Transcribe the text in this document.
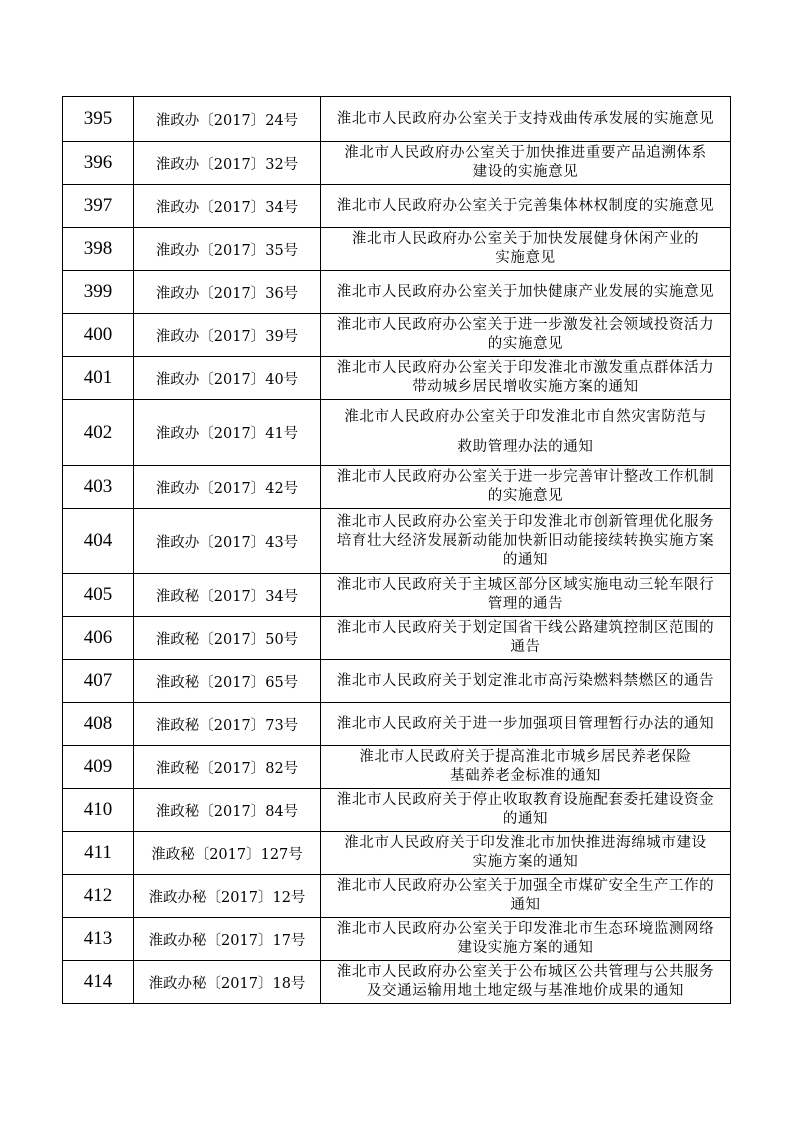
395	淮政办〔2017〕24号	淮北市人民政府办公室关于支持戏曲传承发展的实施意见

396	淮政办〔2017〕32号	淮北市人民政府办公室关于加快推进重要产品追溯体系
建设的实施意见

397	淮政办〔2017〕34号	淮北市人民政府办公室关于完善集体林权制度的实施意见

398	淮政办〔2017〕35号	淮北市人民政府办公室关于加快发展健身休闲产业的
实施意见

399	淮政办〔2017〕36号	淮北市人民政府办公室关于加快健康产业发展的实施意见

400	淮政办〔2017〕39号	淮北市人民政府办公室关于进一步激发社会领域投资活力
的实施意见

401	淮政办〔2017〕40号	淮北市人民政府办公室关于印发淮北市激发重点群体活力
带动城乡居民增收实施方案的通知

402	淮政办〔2017〕41号	淮北市人民政府办公室关于印发淮北市自然灾害防范与
救助管理办法的通知

403	淮政办〔2017〕42号	淮北市人民政府办公室关于进一步完善审计整改工作机制
的实施意见

404	淮政办〔2017〕43号	淮北市人民政府办公室关于印发淮北市创新管理优化服务
培育壮大经济发展新动能加快新旧动能接续转换实施方案
的通知

405	淮政秘〔2017〕34号	淮北市人民政府关于主城区部分区域实施电动三轮车限行
管理的通告

406	淮政秘〔2017〕50号	淮北市人民政府关于划定国省干线公路建筑控制区范围的
通告

407	淮政秘〔2017〕65号	淮北市人民政府关于划定淮北市高污染燃料禁燃区的通告

408	淮政秘〔2017〕73号	淮北市人民政府关于进一步加强项目管理暂行办法的通知

409	淮政秘〔2017〕82号	淮北市人民政府关于提高淮北市城乡居民养老保险
基础养老金标准的通知

410	淮政秘〔2017〕84号	淮北市人民政府关于停止收取教育设施配套委托建设资金
的通知

411	淮政秘〔2017〕127号	淮北市人民政府关于印发淮北市加快推进海绵城市建设
实施方案的通知

412	淮政办秘〔2017〕12号	淮北市人民政府办公室关于加强全市煤矿安全生产工作的
通知

413	淮政办秘〔2017〕17号	淮北市人民政府办公室关于印发淮北市生态环境监测网络
建设实施方案的通知

414	淮政办秘〔2017〕18号	淮北市人民政府办公室关于公布城区公共管理与公共服务
及交通运输用地土地定级与基准地价成果的通知
